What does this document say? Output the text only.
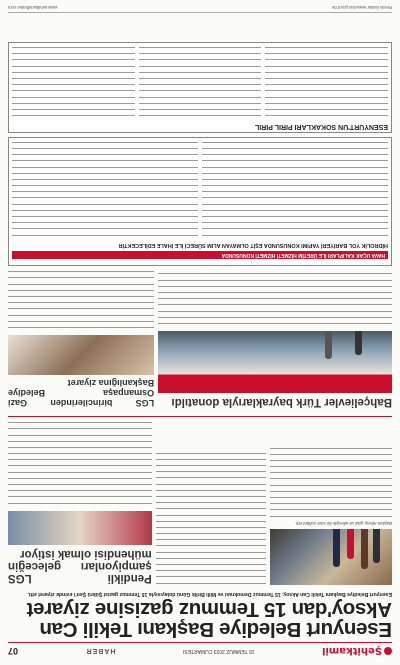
Şehitkamil
15 TEMMUZ 2023 CUMARTESI
HABER
07
Esenyurt Belediye Başkanı Tekili Can Aksoy'dan 15 Temmuz gazisine ziyaret
Esenyurt Belediye Başkanı Tekili Can Aksoy, 15 Temmuz Demokrasi ve Milli Birlik Günü dolayısıyla 15 Temmuz gazisi Şükrü Şen'i evinde ziyaret etti.
Başkan Aksoy, gazi ve ailesiyle bir süre sohbet etti.
Pendikli LGS şampiyonları geleceğin mühendisi olmak istiyor
Bahçelievler Türk bayraklarıyla donatıldı
LGS birincilerinden Gazi Osmanpaşa Belediye Başkanlığına ziyaret
HAVA UÇAK KALIPLARI İLE ÜRETİM HİZMETİ HİZMETİ KONUSUNDA
HİDROLİK YOL BARİYERİ YAPIMI KONUSUNDA EŞİT OLMAYAN ALIM SÜRECİ İLE İHALE EDİLECEKTİR
ESENYURT'UN SOKAKLARI PIRIL PIRIL
Resmi ilanlar www.ilan.gov.tr'de
www.sehitkamilhaber.com
